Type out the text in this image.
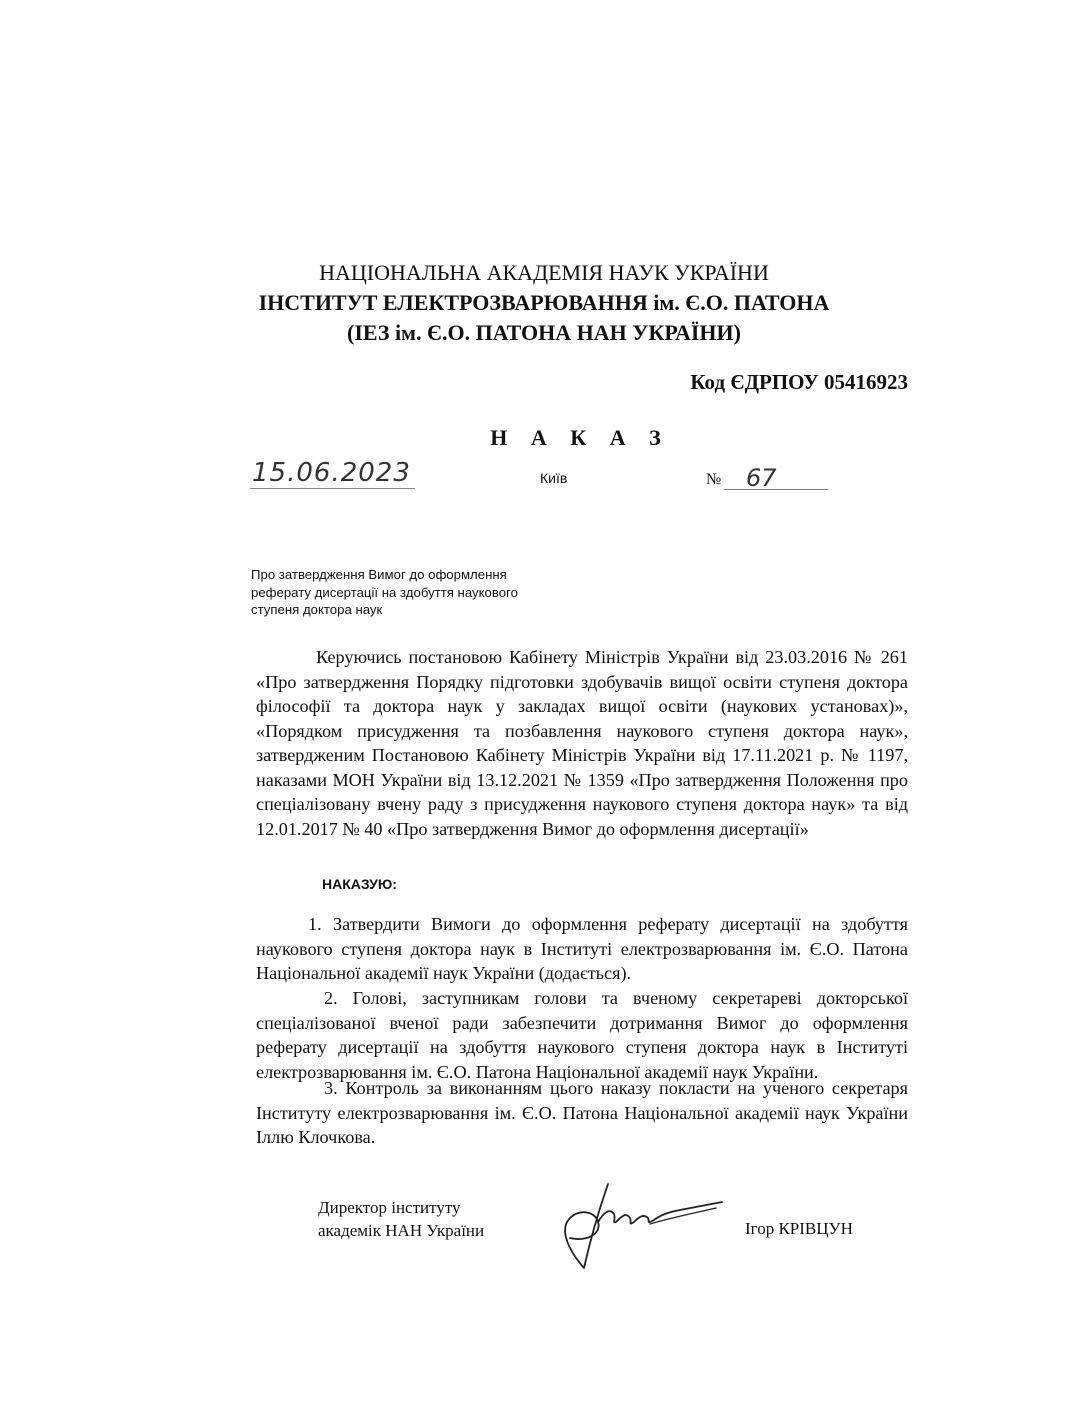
НАЦІОНАЛЬНА АКАДЕМІЯ НАУК УКРАЇНИ
ІНСТИТУТ ЕЛЕКТРОЗВАРЮВАННЯ ім. Є.О. ПАТОНА
(ІЕЗ ім. Є.О. ПАТОНА НАН УКРАЇНИ)
Код ЄДРПОУ 05416923
Н А К А З
15.06.2023	Київ	№ 67
Про затвердження Вимог до оформлення реферату дисертації на здобуття наукового ступеня доктора наук
Керуючись постановою Кабінету Міністрів України від 23.03.2016 № 261 «Про затвердження Порядку підготовки здобувачів вищої освіти ступеня доктора філософії та доктора наук у закладах вищої освіти (наукових установах)», «Порядком присудження та позбавлення наукового ступеня доктора наук», затвердженим Постановою Кабінету Міністрів України від 17.11.2021 р. № 1197, наказами МОН України від 13.12.2021 № 1359 «Про затвердження Положення про спеціалізовану вчену раду з присудження наукового ступеня доктора наук» та від 12.01.2017 № 40 «Про затвердження Вимог до оформлення дисертації»
НАКАЗУЮ:
1. Затвердити Вимоги до оформлення реферату дисертації на здобуття наукового ступеня доктора наук в Інституті електрозварювання ім. Є.О. Патона Національної академії наук України (додається).
2. Голові, заступникам голови та вченому секретареві докторської спеціалізованої вченої ради забезпечити дотримання Вимог до оформлення реферату дисертації на здобуття наукового ступеня доктора наук в Інституті електрозварювання ім. Є.О. Патона Національної академії наук України.
3. Контроль за виконанням цього наказу покласти на ученого секретаря Інституту електрозварювання ім. Є.О. Патона Національної академії наук України Іллю Клочкова.
Директор інституту
академік НАН України	Ігор КРІВЦУН
